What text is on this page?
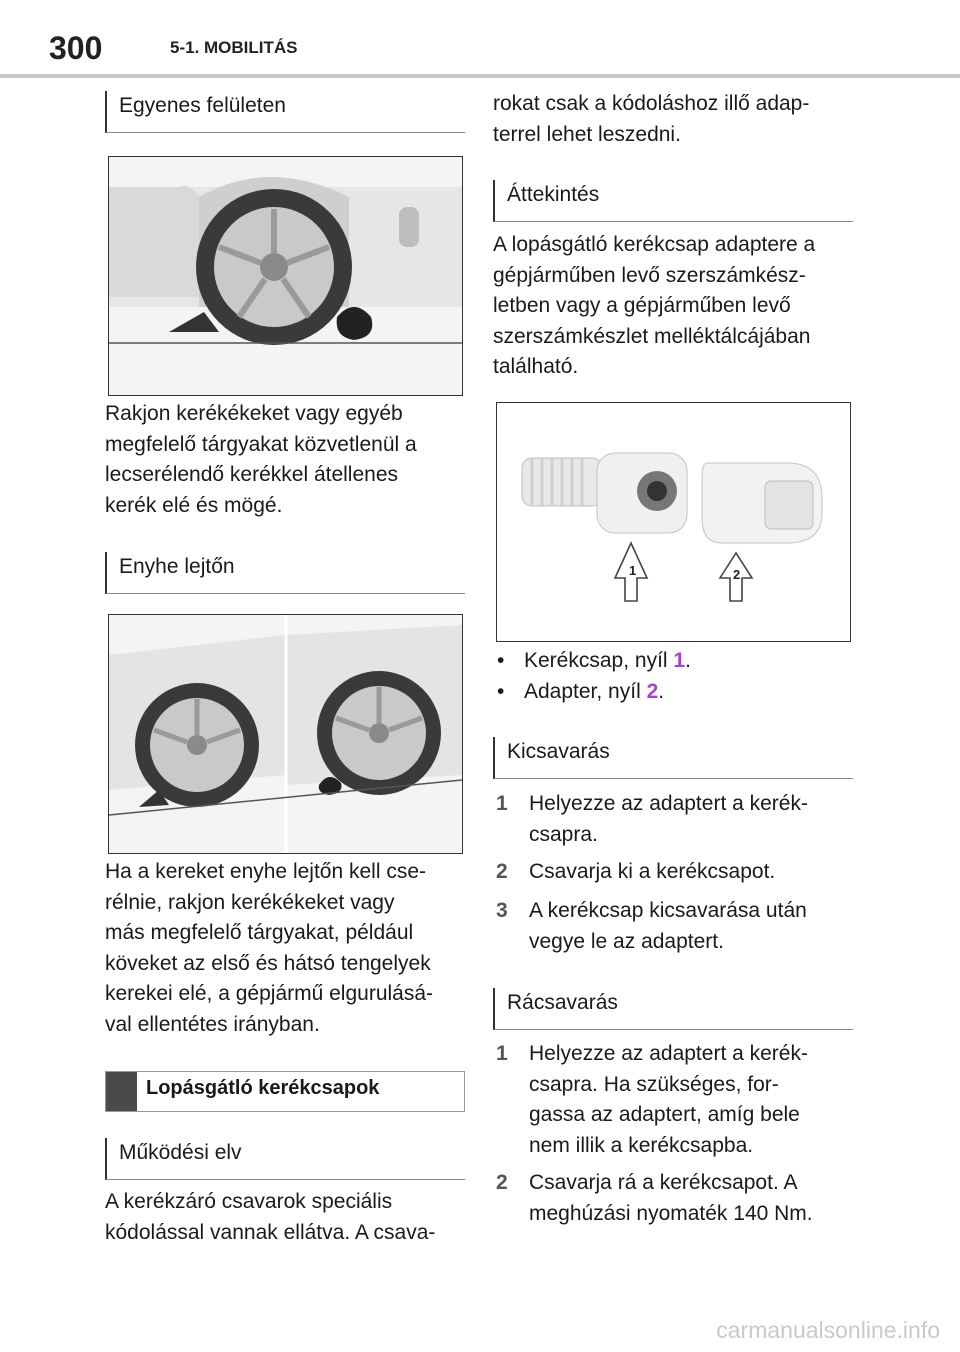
300	5-1. MOBILITÁS
Egyenes felületen
Rakjon kerékékeket vagy egyéb
megfelelő tárgyakat közvetlenül a
lecserélendő kerékkel átellenes
kerék elé és mögé.
Enyhe lejtőn
Ha a kereket enyhe lejtőn kell cse-
rélnie, rakjon kerékékeket vagy
más megfelelő tárgyakat, például
köveket az első és hátsó tengelyek
kerekei elé, a gépjármű elgurulásá-
val ellentétes irányban.
Lopásgátló kerékcsapok
Működési elv
A kerékzáró csavarok speciális
kódolással vannak ellátva. A csava-
rokat csak a kódoláshoz illő adap-
terrel lehet leszedni.
Áttekintés
A lopásgátló kerékcsap adaptere a
gépjárműben levő szerszámkész-
letben vagy a gépjárműben levő
szerszámkészlet melléktálcájában
található.
1	2
• Kerékcsap, nyíl 1.
• Adapter, nyíl 2.
Kicsavarás
1 Helyezze az adaptert a kerék-
csapra.
2 Csavarja ki a kerékcsapot.
3 A kerékcsap kicsavarása után
vegye le az adaptert.
Rácsavarás
1 Helyezze az adaptert a kerék-
csapra. Ha szükséges, for-
gassa az adaptert, amíg bele
nem illik a kerékcsapba.
2 Csavarja rá a kerékcsapot. A
meghúzási nyomaték 140 Nm.
carmanualsonline.info
